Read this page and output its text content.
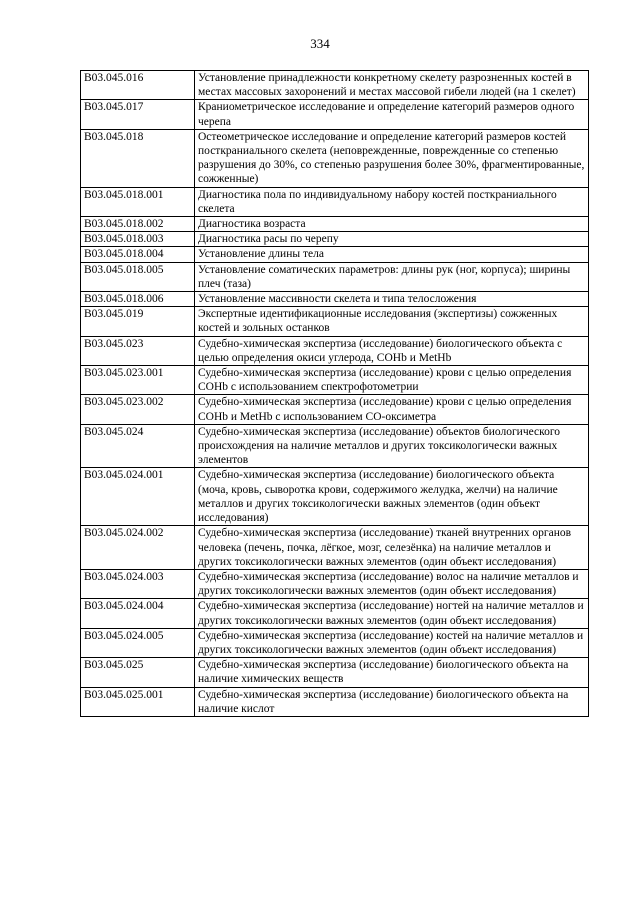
334
B03.045.016	Установление принадлежности конкретному скелету разрозненных костей в местах массовых захоронений и местах массовой гибели людей (на 1 скелет)
B03.045.017	Краниометрическое исследование и определение категорий размеров одного черепа
B03.045.018	Остеометрическое исследование и определение категорий размеров костей посткраниального скелета (неповрежденные, поврежденные со степенью разрушения до 30%, со степенью разрушения более 30%, фрагментированные, сожженные)
B03.045.018.001	Диагностика пола по индивидуальному набору костей посткраниального скелета
B03.045.018.002	Диагностика возраста
B03.045.018.003	Диагностика расы по черепу
B03.045.018.004	Установление длины тела
B03.045.018.005	Установление соматических параметров: длины рук (ног, корпуса); ширины плеч (таза)
B03.045.018.006	Установление массивности скелета и типа телосложения
B03.045.019	Экспертные идентификационные исследования (экспертизы) сожженных костей и зольных останков
B03.045.023	Судебно-химическая экспертиза (исследование) биологического объекта с целью определения окиси углерода, COHb и MetHb
B03.045.023.001	Судебно-химическая экспертиза (исследование) крови с целью определения COHb с использованием спектрофотометрии
B03.045.023.002	Судебно-химическая экспертиза (исследование) крови с целью определения COHb и MetHb с использованием CO-оксиметра
B03.045.024	Судебно-химическая экспертиза (исследование) объектов биологического происхождения на наличие металлов и других токсикологически важных элементов
B03.045.024.001	Судебно-химическая экспертиза (исследование) биологического объекта (моча, кровь, сыворотка крови, содержимого желудка, желчи) на наличие металлов и других токсикологически важных элементов (один объект исследования)
B03.045.024.002	Судебно-химическая экспертиза (исследование) тканей внутренних органов человека (печень, почка, лёгкое, мозг, селезёнка) на наличие металлов и других токсикологически важных элементов (один объект исследования)
B03.045.024.003	Судебно-химическая экспертиза (исследование) волос на наличие металлов и других токсикологически важных элементов (один объект исследования)
B03.045.024.004	Судебно-химическая экспертиза (исследование) ногтей на наличие металлов и других токсикологически важных элементов (один объект исследования)
B03.045.024.005	Судебно-химическая экспертиза (исследование) костей на наличие металлов и других токсикологически важных элементов (один объект исследования)
B03.045.025	Судебно-химическая экспертиза (исследование) биологического объекта на наличие химических веществ
B03.045.025.001	Судебно-химическая экспертиза (исследование) биологического объекта на наличие кислот
